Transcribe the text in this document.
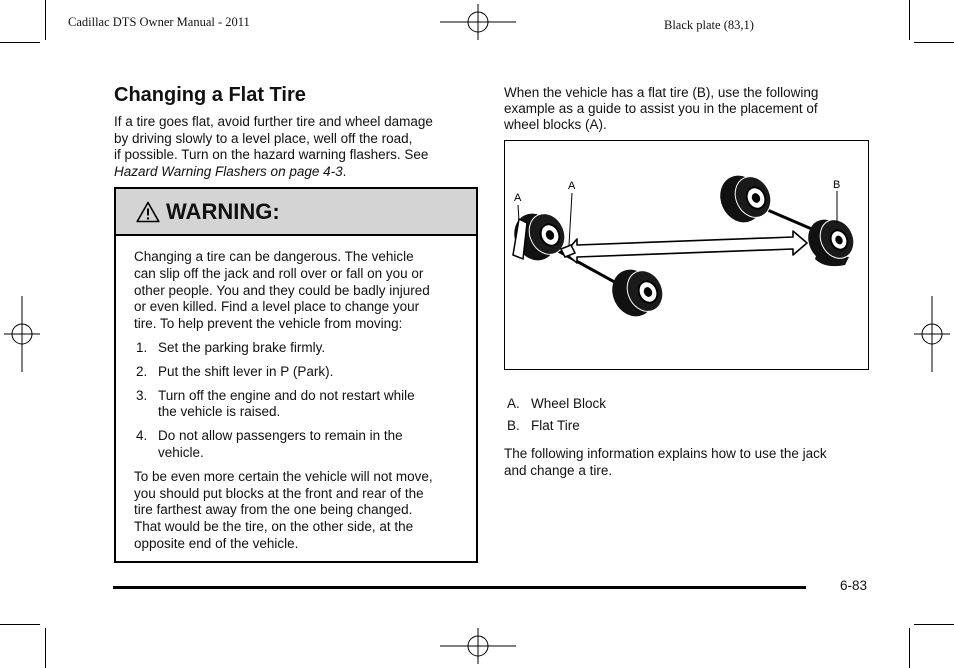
Cadillac DTS Owner Manual - 2011	Black plate (83,1)
Changing a Flat Tire
If a tire goes flat, avoid further tire and wheel damage
by driving slowly to a level place, well off the road,
if possible. Turn on the hazard warning flashers. See
Hazard Warning Flashers on page 4-3.
WARNING:
Changing a tire can be dangerous. The vehicle
can slip off the jack and roll over or fall on you or
other people. You and they could be badly injured
or even killed. Find a level place to change your
tire. To help prevent the vehicle from moving:
1. Set the parking brake firmly.
2. Put the shift lever in P (Park).
3. Turn off the engine and do not restart while
the vehicle is raised.
4. Do not allow passengers to remain in the
vehicle.
To be even more certain the vehicle will not move,
you should put blocks at the front and rear of the
tire farthest away from the one being changed.
That would be the tire, on the other side, at the
opposite end of the vehicle.
When the vehicle has a flat tire (B), use the following
example as a guide to assist you in the placement of
wheel blocks (A).
A
A	B
A. Wheel Block
B. Flat Tire
The following information explains how to use the jack
and change a tire.
6-83
